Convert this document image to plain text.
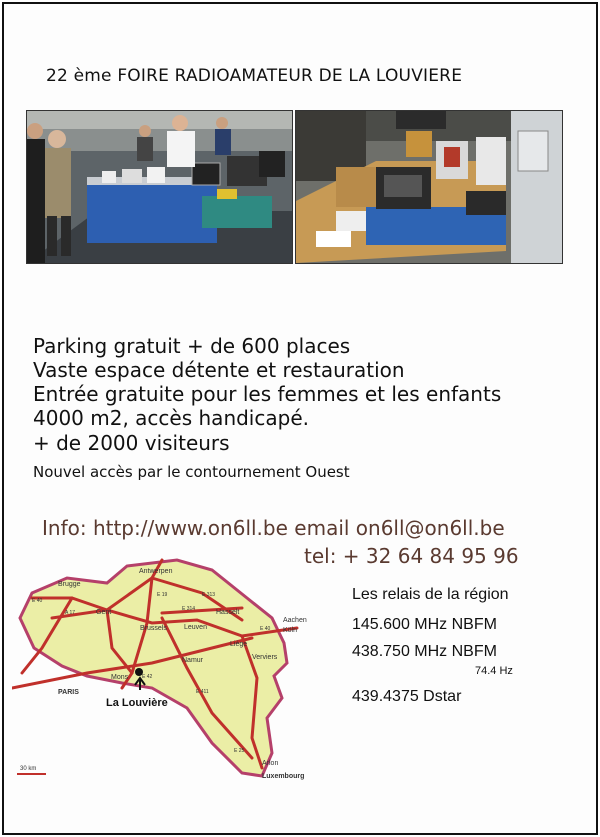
22 ème FOIRE RADIOAMATEUR DE LA LOUVIERE
Parking gratuit + de 600 places
Vaste espace détente et restauration
Entrée gratuite pour les femmes et les enfants
4000 m2, accès handicapé.
+ de 2000 visiteurs
Nouvel accès par le contournement Ouest
Info: http://www.on6ll.be email on6ll@on6ll.be
tel: + 32 64 84 95 96
Les relais de la région
145.600 MHz NBFM
438.750 MHz NBFM
74.4 Hz
439.4375 Dstar
Brugge
Antwerpen
Gent
Brussels Leuven
Hasselt
Aachen
Köln
Liège
Verviers
Namur
Mons
PARIS
Arlon
Luxembourg
E 40
A 17
E 19	E 313
E 314
E 40
E 42
E 411
E 25
La Louvière
30 km
